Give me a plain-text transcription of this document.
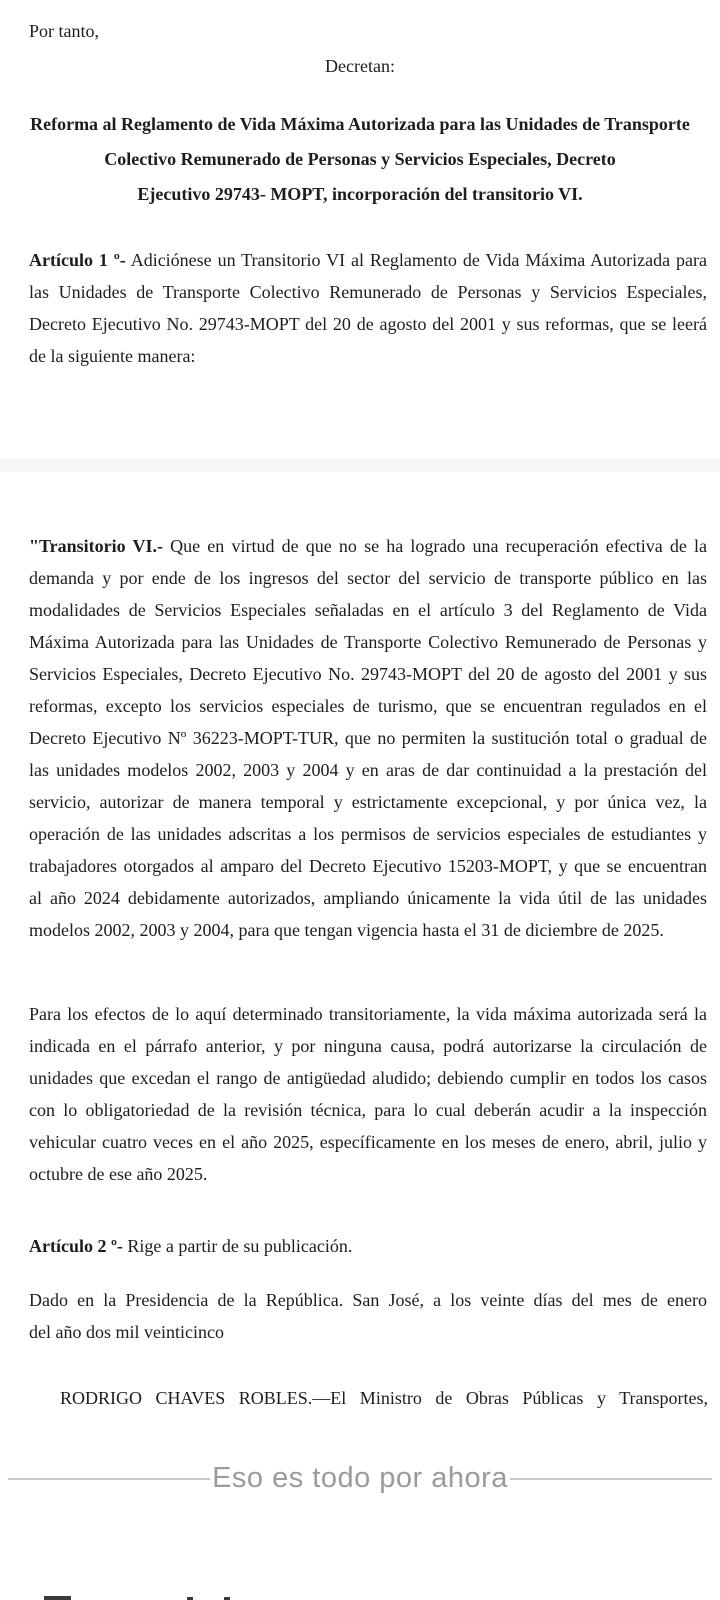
Por tanto,
Decretan:
Reforma al Reglamento de Vida Máxima Autorizada para las Unidades de Transporte
Colectivo Remunerado de Personas y Servicios Especiales, Decreto
Ejecutivo 29743- MOPT, incorporación del transitorio VI.
Artículo 1 º- Adiciónese un Transitorio VI al Reglamento de Vida Máxima Autorizada para
las Unidades de Transporte Colectivo Remunerado de Personas y Servicios Especiales,
Decreto Ejecutivo No. 29743-MOPT del 20 de agosto del 2001 y sus reformas, que se leerá
de la siguiente manera:
"Transitorio VI.- Que en virtud de que no se ha logrado una recuperación efectiva de la
demanda y por ende de los ingresos del sector del servicio de transporte público en las
modalidades de Servicios Especiales señaladas en el artículo 3 del Reglamento de Vida
Máxima Autorizada para las Unidades de Transporte Colectivo Remunerado de Personas y
Servicios Especiales, Decreto Ejecutivo No. 29743-MOPT del 20 de agosto del 2001 y sus
reformas, excepto los servicios especiales de turismo, que se encuentran regulados en el
Decreto Ejecutivo Nº 36223-MOPT-TUR, que no permiten la sustitución total o gradual de
las unidades modelos 2002, 2003 y 2004 y en aras de dar continuidad a la prestación del
servicio, autorizar de manera temporal y estrictamente excepcional, y por única vez, la
operación de las unidades adscritas a los permisos de servicios especiales de estudiantes y
trabajadores otorgados al amparo del Decreto Ejecutivo 15203-MOPT, y que se encuentran
al año 2024 debidamente autorizados, ampliando únicamente la vida útil de las unidades
modelos 2002, 2003 y 2004, para que tengan vigencia hasta el 31 de diciembre de 2025.
Para los efectos de lo aquí determinado transitoriamente, la vida máxima autorizada será la
indicada en el párrafo anterior, y por ninguna causa, podrá autorizarse la circulación de
unidades que excedan el rango de antigüedad aludido; debiendo cumplir en todos los casos
con lo obligatoriedad de la revisión técnica, para lo cual deberán acudir a la inspección
vehicular cuatro veces en el año 2025, específicamente en los meses de enero, abril, julio y
octubre de ese año 2025.
Artículo 2 º- Rige a partir de su publicación.
Dado en la Presidencia de la República. San José, a los veinte días del mes de enero
del año dos mil veinticinco
RODRIGO CHAVES ROBLES.—El Ministro de Obras Públicas y Transportes,
Eso es todo por ahora
